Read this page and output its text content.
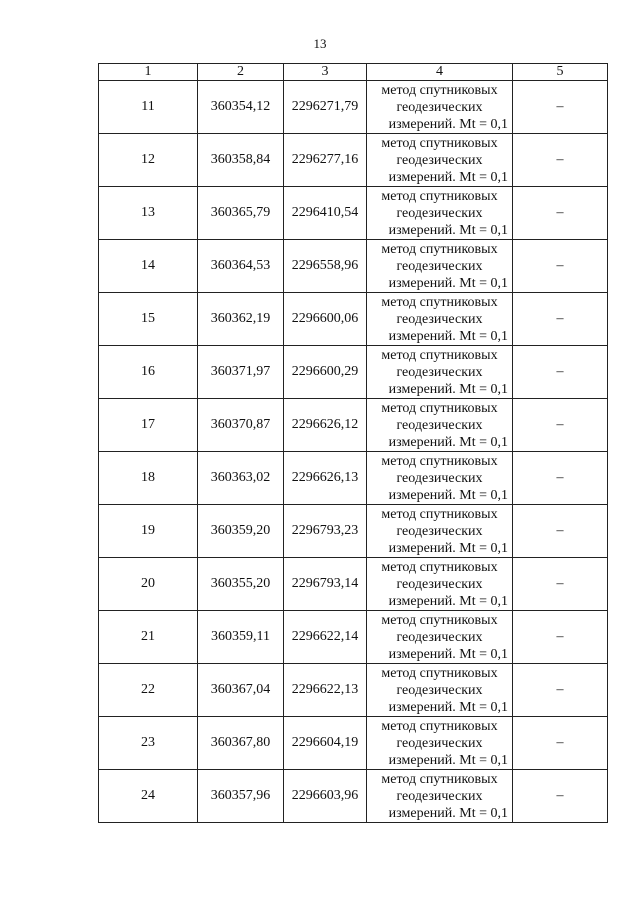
13
1	2	3	4	5
11	360354,12	2296271,79	метод спутниковых
геодезических
измерений. Mt = 0,1	–
12	360358,84	2296277,16	метод спутниковых
геодезических
измерений. Mt = 0,1	–
13	360365,79	2296410,54	метод спутниковых
геодезических
измерений. Mt = 0,1	–
14	360364,53	2296558,96	метод спутниковых
геодезических
измерений. Mt = 0,1	–
15	360362,19	2296600,06	метод спутниковых
геодезических
измерений. Mt = 0,1	–
16	360371,97	2296600,29	метод спутниковых
геодезических
измерений. Mt = 0,1	–
17	360370,87	2296626,12	метод спутниковых
геодезических
измерений. Mt = 0,1	–
18	360363,02	2296626,13	метод спутниковых
геодезических
измерений. Mt = 0,1	–
19	360359,20	2296793,23	метод спутниковых
геодезических
измерений. Mt = 0,1	–
20	360355,20	2296793,14	метод спутниковых
геодезических
измерений. Mt = 0,1	–
21	360359,11	2296622,14	метод спутниковых
геодезических
измерений. Mt = 0,1	–
22	360367,04	2296622,13	метод спутниковых
геодезических
измерений. Mt = 0,1	–
23	360367,80	2296604,19	метод спутниковых
геодезических
измерений. Mt = 0,1	–
24	360357,96	2296603,96	метод спутниковых
геодезических
измерений. Mt = 0,1	–
